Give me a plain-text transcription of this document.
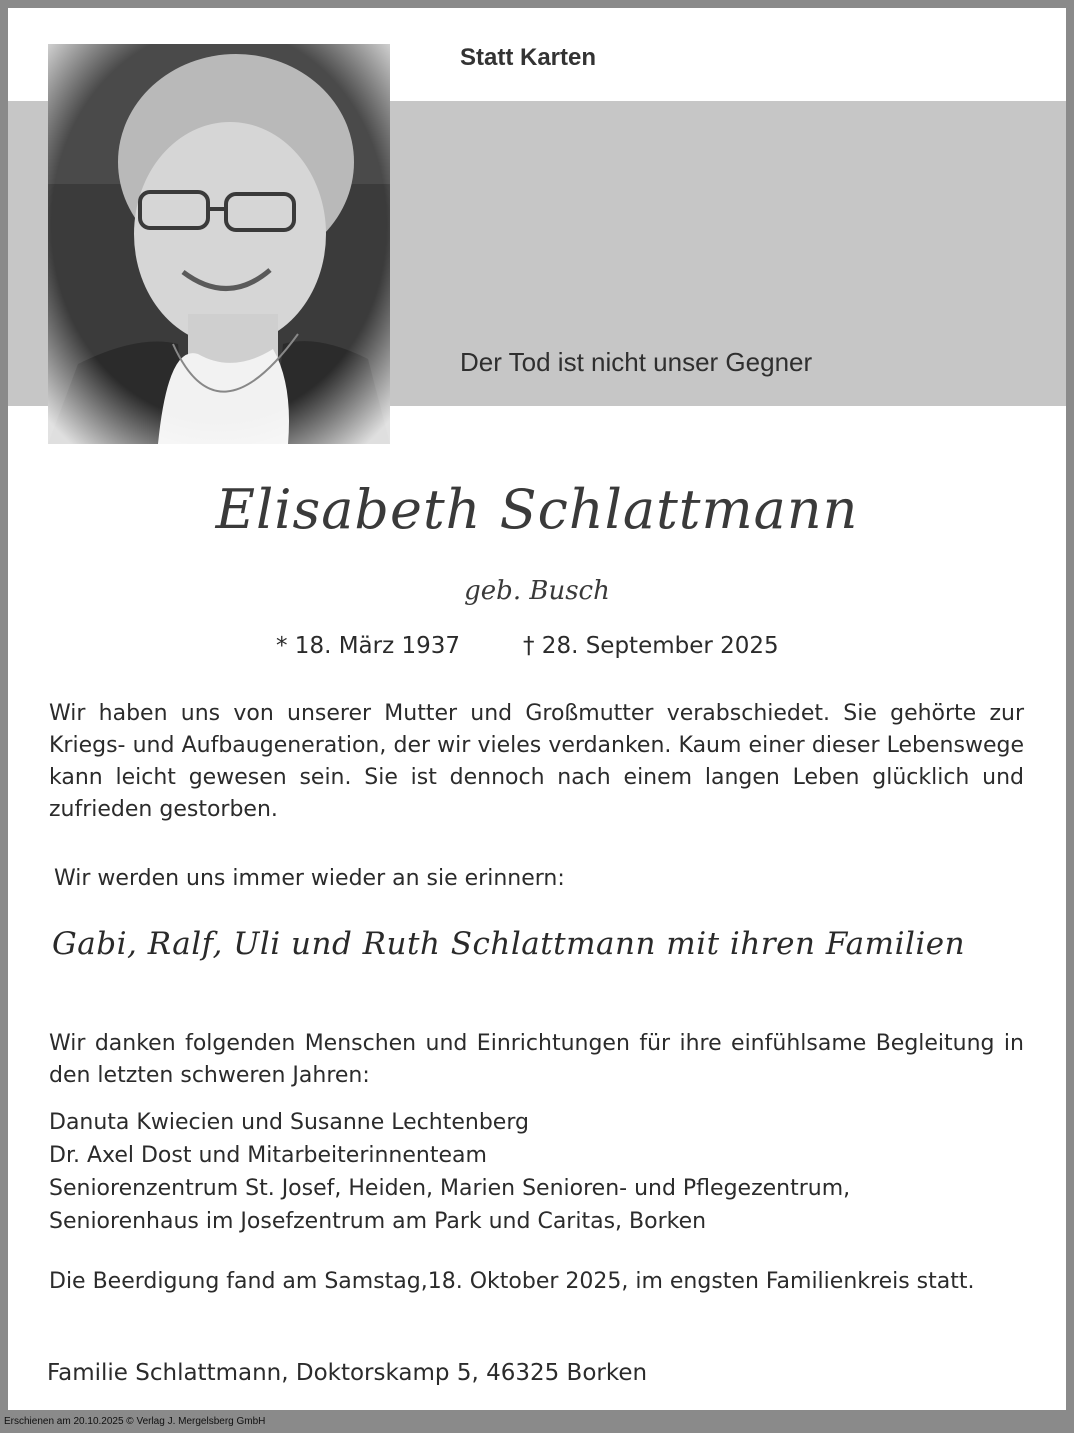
Statt Karten
Der Tod ist nicht unser Gegner
Elisabeth Schlattmann
geb. Busch
* 18. März 1937	† 28. September 2025
Wir haben uns von unserer Mutter und Großmutter verabschiedet. Sie gehörte zur Kriegs- und Aufbaugeneration, der wir vieles verdanken. Kaum einer dieser Lebenswege kann leicht gewesen sein. Sie ist dennoch nach einem langen Leben glücklich und zufrieden gestorben.
Wir werden uns immer wieder an sie erinnern:
Gabi, Ralf, Uli und Ruth Schlattmann mit ihren Familien
Wir danken folgenden Menschen und Einrichtungen für ihre einfühlsame Begleitung in den letzten schweren Jahren:
Danuta Kwiecien und Susanne Lechtenberg
Dr. Axel Dost und Mitarbeiterinnenteam
Seniorenzentrum St. Josef, Heiden, Marien Senioren- und Pflegezentrum,
Seniorenhaus im Josefzentrum am Park und Caritas, Borken
Die Beerdigung fand am Samstag,18. Oktober 2025, im engsten Familienkreis statt.
Familie Schlattmann, Doktorskamp 5, 46325 Borken
Erschienen am 20.10.2025 © Verlag J. Mergelsberg GmbH
